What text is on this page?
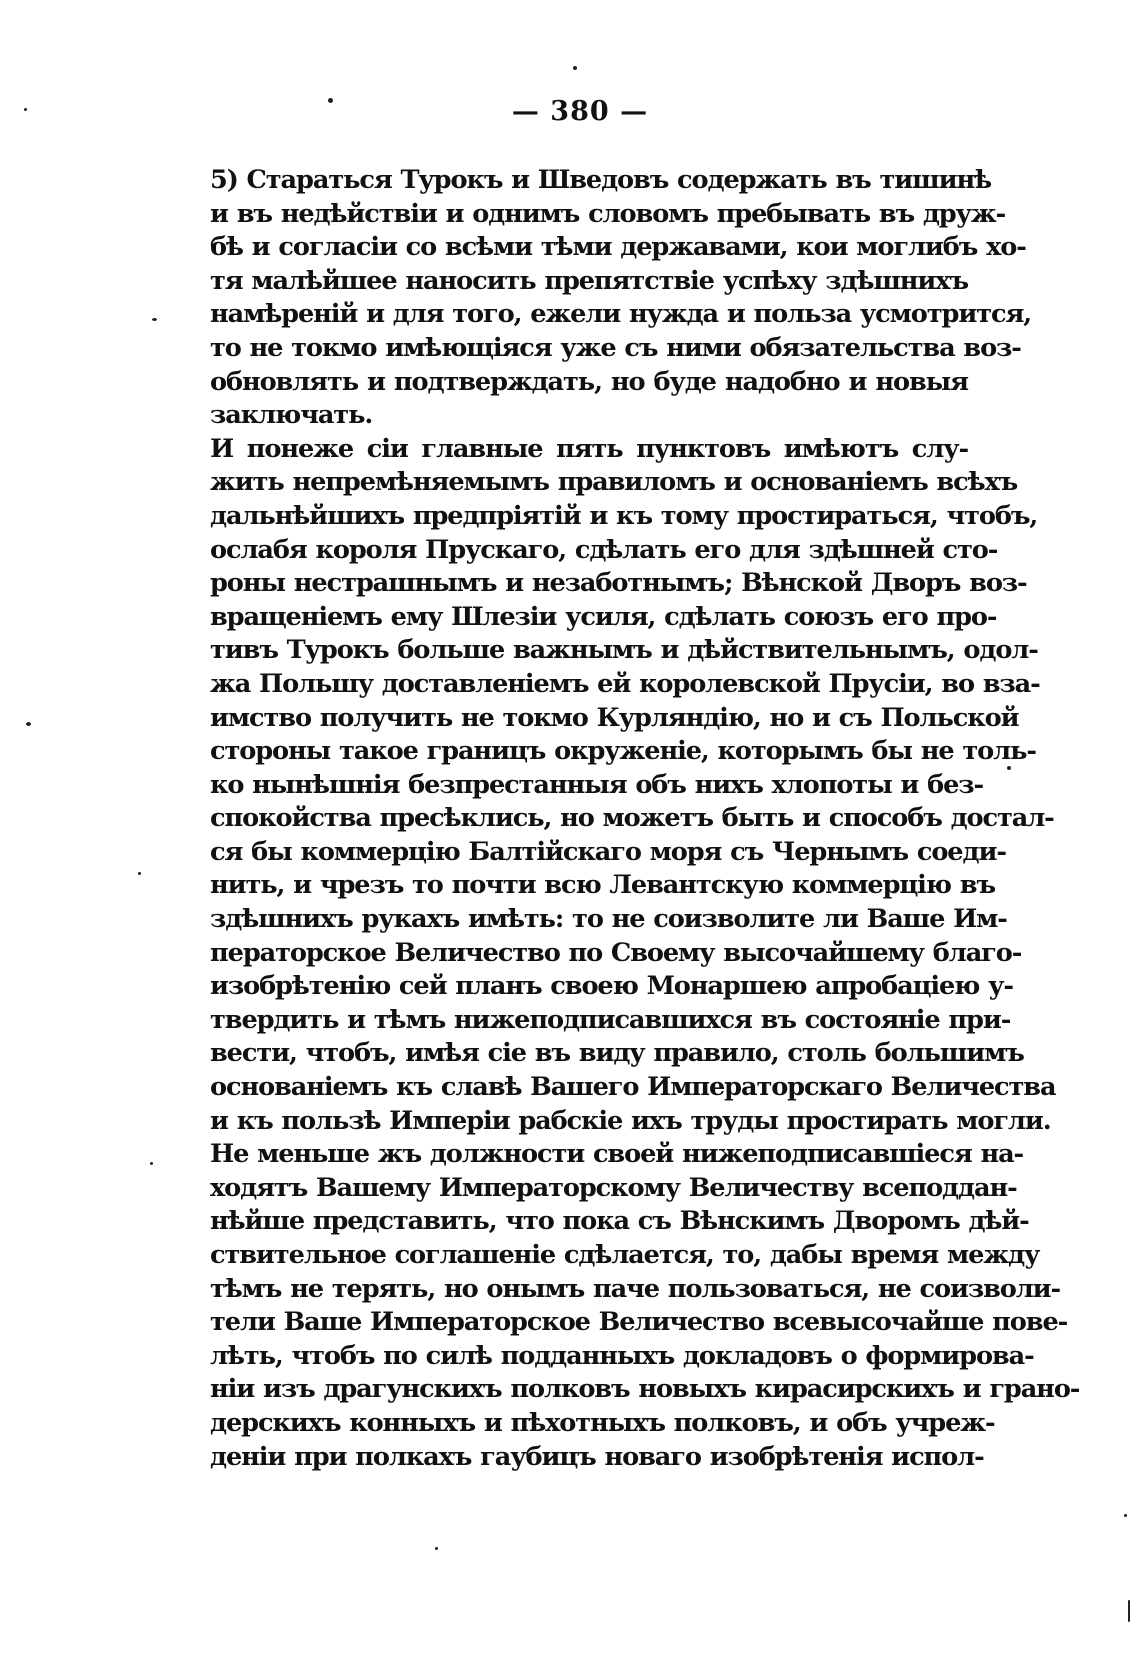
— 380 —
5) Стараться Турокъ и Шведовъ содержать въ тишинѣ
и въ недѣйствіи и однимъ словомъ пребывать въ друж-
бѣ и согласіи со всѣми тѣми державами, кои моглибъ хо-
тя малѣйшее наносить препятствіе успѣху здѣшнихъ
намѣреній и для того, ежели нужда и польза усмотрится,
то не токмо имѣющіяся уже съ ними обязательства воз-
обновлять и подтверждать, но буде надобно и новыя
заключать.
И понеже сіи главные пять пунктовъ имѣютъ слу-
жить непремѣняемымъ правиломъ и основаніемъ всѣхъ
дальнѣйшихъ предпріятій и къ тому простираться, чтобъ,
ослабя короля Прускаго, сдѣлать его для здѣшней сто-
роны нестрашнымъ и незаботнымъ; Вѣнской Дворъ воз-
вращеніемъ ему Шлезіи усиля, сдѣлать союзъ его про-
тивъ Турокъ больше важнымъ и дѣйствительнымъ, одол-
жа Польшу доставленіемъ ей королевской Прусіи, во вза-
имство получить не токмо Курляндію, но и съ Польской
стороны такое границъ окруженіе, которымъ бы не толь-
ко нынѣшнія безпрестанныя объ нихъ хлопоты и без-
спокойства пресѣклись, но можетъ быть и способъ достал-
ся бы коммерцію Балтійскаго моря съ Чернымъ соеди-
нить, и чрезъ то почти всю Левантскую коммерцію въ
здѣшнихъ рукахъ имѣть: то не соизволите ли Ваше Им-
ператорское Величество по Своему высочайшему благо-
изобрѣтенію сей планъ своею Монаршею апробаціею у-
твердить и тѣмъ нижеподписавшихся въ состояніе при-
вести, чтобъ, имѣя сіе въ виду правило, столь большимъ
основаніемъ къ славѣ Вашего Императорскаго Величества
и къ пользѣ Имперіи рабскіе ихъ труды простирать могли.
Не меньше жъ должности своей нижеподписавшіеся на-
ходятъ Вашему Императорскому Величеству всеподдан-
нѣйше представить, что пока съ Вѣнскимъ Дворомъ дѣй-
ствительное соглашеніе сдѣлается, то, дабы время между
тѣмъ не терять, но онымъ паче пользоваться, не соизволи-
тели Ваше Императорское Величество всевысочайше пове-
лѣть, чтобъ по силѣ подданныхъ докладовъ о формирова-
ніи изъ драгунскихъ полковъ новыхъ кирасирскихъ и грано-
дерскихъ конныхъ и пѣхотныхъ полковъ, и объ учреж-
деніи при полкахъ гаубицъ новаго изобрѣтенія испол-
